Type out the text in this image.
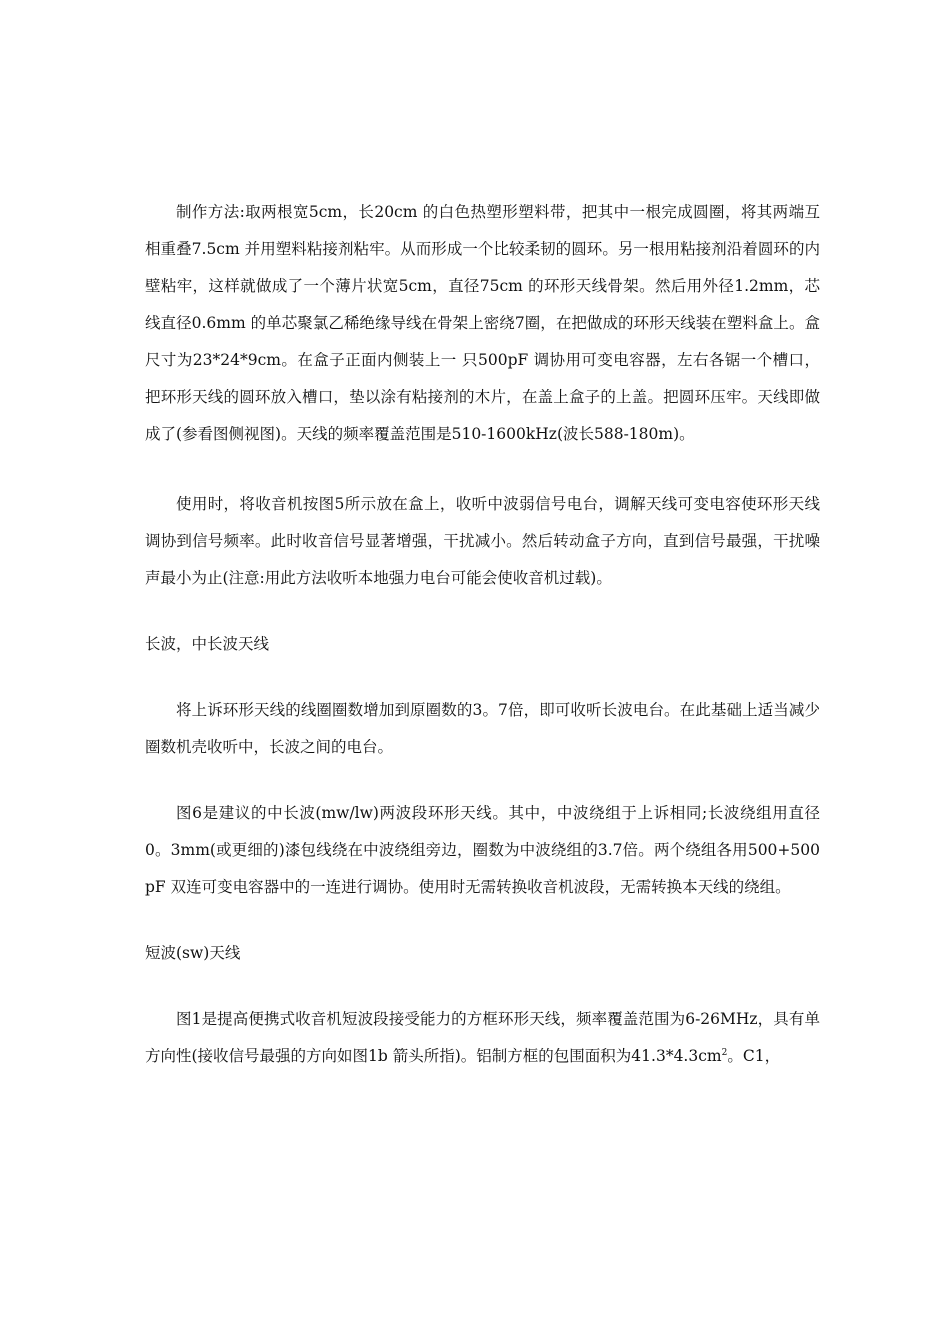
制作方法:取两根宽5cm，长20cm 的白色热塑形塑料带，把其中一根完成圆圈，将其两端互相重叠7.5cm 并用塑料粘接剂粘牢。从而形成一个比较柔韧的圆环。另一根用粘接剂沿着圆环的内壁粘牢，这样就做成了一个薄片状宽5cm，直径75cm 的环形天线骨架。然后用外径1.2mm，芯线直径0.6mm 的单芯聚氯乙稀绝缘导线在骨架上密绕7圈，在把做成的环形天线装在塑料盒上。盒尺寸为23*24*9cm。在盒子正面内侧装上一 只500pF 调协用可变电容器，左右各锯一个槽口，把环形天线的圆环放入槽口，垫以涂有粘接剂的木片，在盖上盒子的上盖。把圆环压牢。天线即做成了(参看图侧视图)。天线的频率覆盖范围是510-1600kHz(波长588-180m)。

使用时，将收音机按图5所示放在盒上，收听中波弱信号电台，调解天线可变电容使环形天线调协到信号频率。此时收音信号显著增强，干扰减小。然后转动盒子方向，直到信号最强，干扰噪声最小为止(注意:用此方法收听本地强力电台可能会使收音机过载)。

长波，中长波天线

将上诉环形天线的线圈圈数增加到原圈数的3。7倍，即可收听长波电台。在此基础上适当减少圈数机壳收听中，长波之间的电台。

图6是建议的中长波(mw/lw)两波段环形天线。其中，中波绕组于上诉相同;长波绕组用直径0。3mm(或更细的)漆包线绕在中波绕组旁边，圈数为中波绕组的3.7倍。两个绕组各用500+500pF 双连可变电容器中的一连进行调协。使用时无需转换收音机波段，无需转换本天线的绕组。

短波(sw)天线

图1是提高便携式收音机短波段接受能力的方框环形天线，频率覆盖范围为6-26MHz，具有单方向性(接收信号最强的方向如图1b 箭头所指)。铝制方框的包围面积为$41.3*4.3cm^2$。C1，
